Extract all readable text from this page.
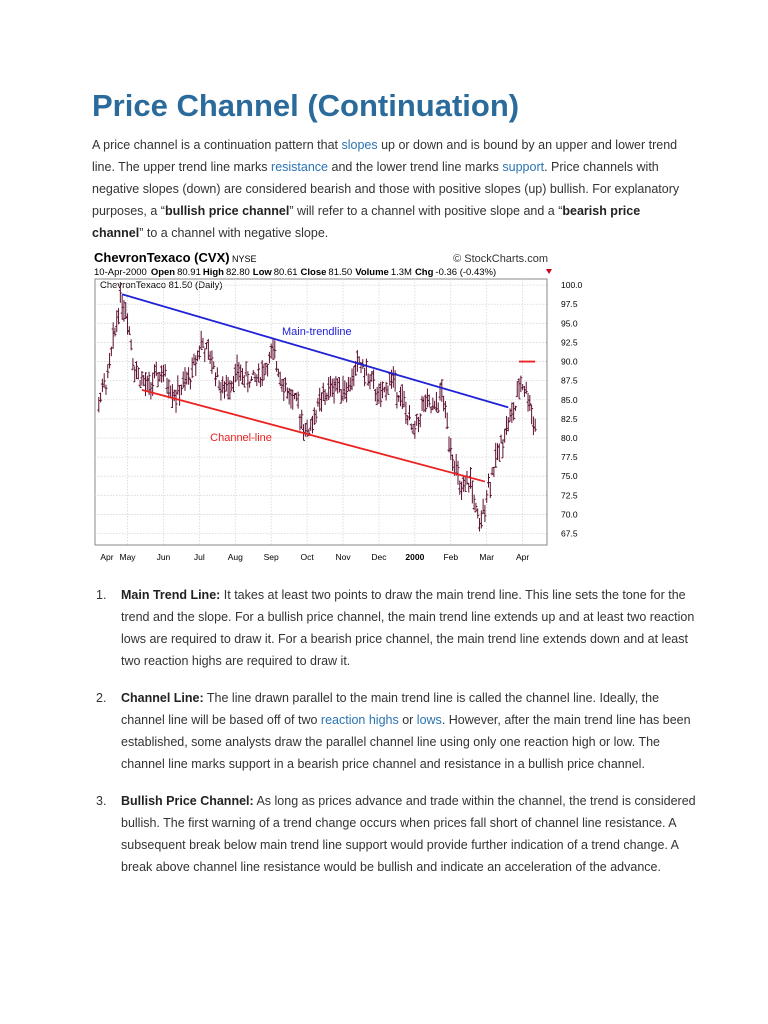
Price Channel (Continuation)

A price channel is a continuation pattern that slopes up or down and is bound by an upper and lower trend line. The upper trend line marks resistance and the lower trend line marks support. Price channels with negative slopes (down) are considered bearish and those with positive slopes (up) bullish. For explanatory purposes, a “bullish price channel” will refer to a channel with positive slope and a “bearish price channel” to a channel with negative slope.

ChevronTexaco (CVX) NYSE	© StockCharts.com
10-Apr-2000 Open 80.91 High 82.80 Low 80.61 Close 81.50 Volume 1.3M Chg -0.36 (-0.43%)
ChevronTexaco 81.50 (Daily)
Main-trendline
Channel-line
100.0
97.5
95.0
92.5
90.0
87.5
85.0
82.5
80.0
77.5
75.0
72.5
70.0
67.5
Apr May Jun	Jul	Aug Sep	Oct	Nov Dec 2000 Feb	Mar	Apr
1. Main Trend Line: It takes at least two points to draw the main trend line. This line sets the tone for the trend and the slope. For a bullish price channel, the main trend line extends up and at least two reaction lows are required to draw it. For a bearish price channel, the main trend line extends down and at least two reaction highs are required to draw it.
2. Channel Line: The line drawn parallel to the main trend line is called the channel line. Ideally, the channel line will be based off of two reaction highs or lows. However, after the main trend line has been established, some analysts draw the parallel channel line using only one reaction high or low. The channel line marks support in a bearish price channel and resistance in a bullish price channel.
3. Bullish Price Channel: As long as prices advance and trade within the channel, the trend is considered bullish. The first warning of a trend change occurs when prices fall short of channel line resistance. A subsequent break below main trend line support would provide further indication of a trend change. A break above channel line resistance would be bullish and indicate an acceleration of the advance.
